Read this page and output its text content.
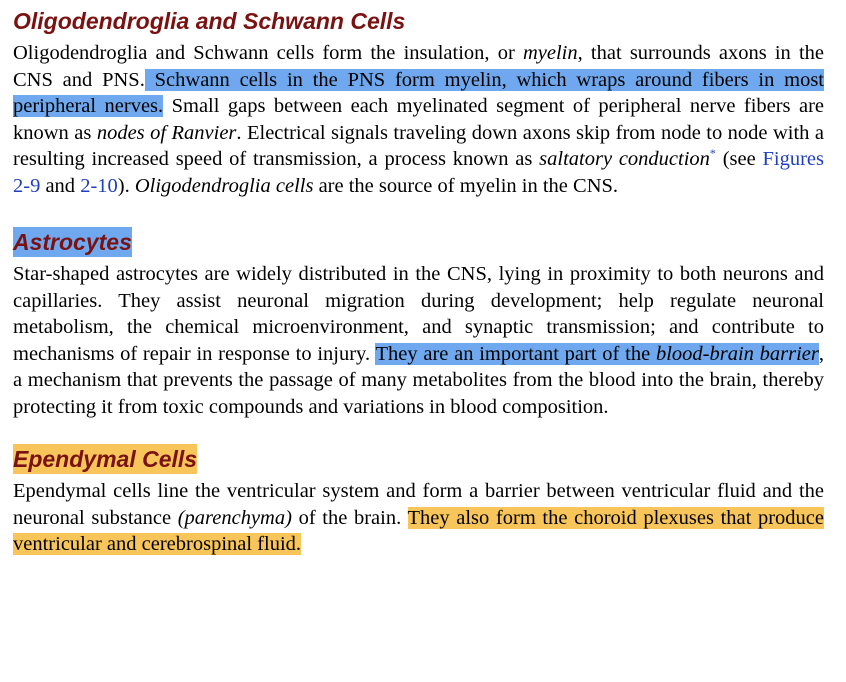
Oligodendroglia and Schwann Cells

Oligodendroglia and Schwann cells form the insulation, or myelin, that surrounds axons in the CNS and PNS. Schwann cells in the PNS form myelin, which wraps around fibers in most peripheral nerves. Small gaps between each myelinated segment of peripheral nerve fibers are known as nodes of Ranvier. Electrical signals traveling down axons skip from node to node with a resulting increased speed of transmission, a process known as saltatory conduction* (see Figures 2-9 and 2-10). Oligodendroglia cells are the source of myelin in the CNS.

Astrocytes

Star-shaped astrocytes are widely distributed in the CNS, lying in proximity to both neurons and capillaries. They assist neuronal migration during development; help regulate neuronal metabolism, the chemical microenvironment, and synaptic transmission; and contribute to mechanisms of repair in response to injury. They are an important part of the blood-brain barrier, a mechanism that prevents the passage of many metabolites from the blood into the brain, thereby protecting it from toxic compounds and variations in blood composition.

Ependymal Cells

Ependymal cells line the ventricular system and form a barrier between ventricular fluid and the neuronal substance (parenchyma) of the brain. They also form the choroid plexuses that produce ventricular and cerebrospinal fluid.
